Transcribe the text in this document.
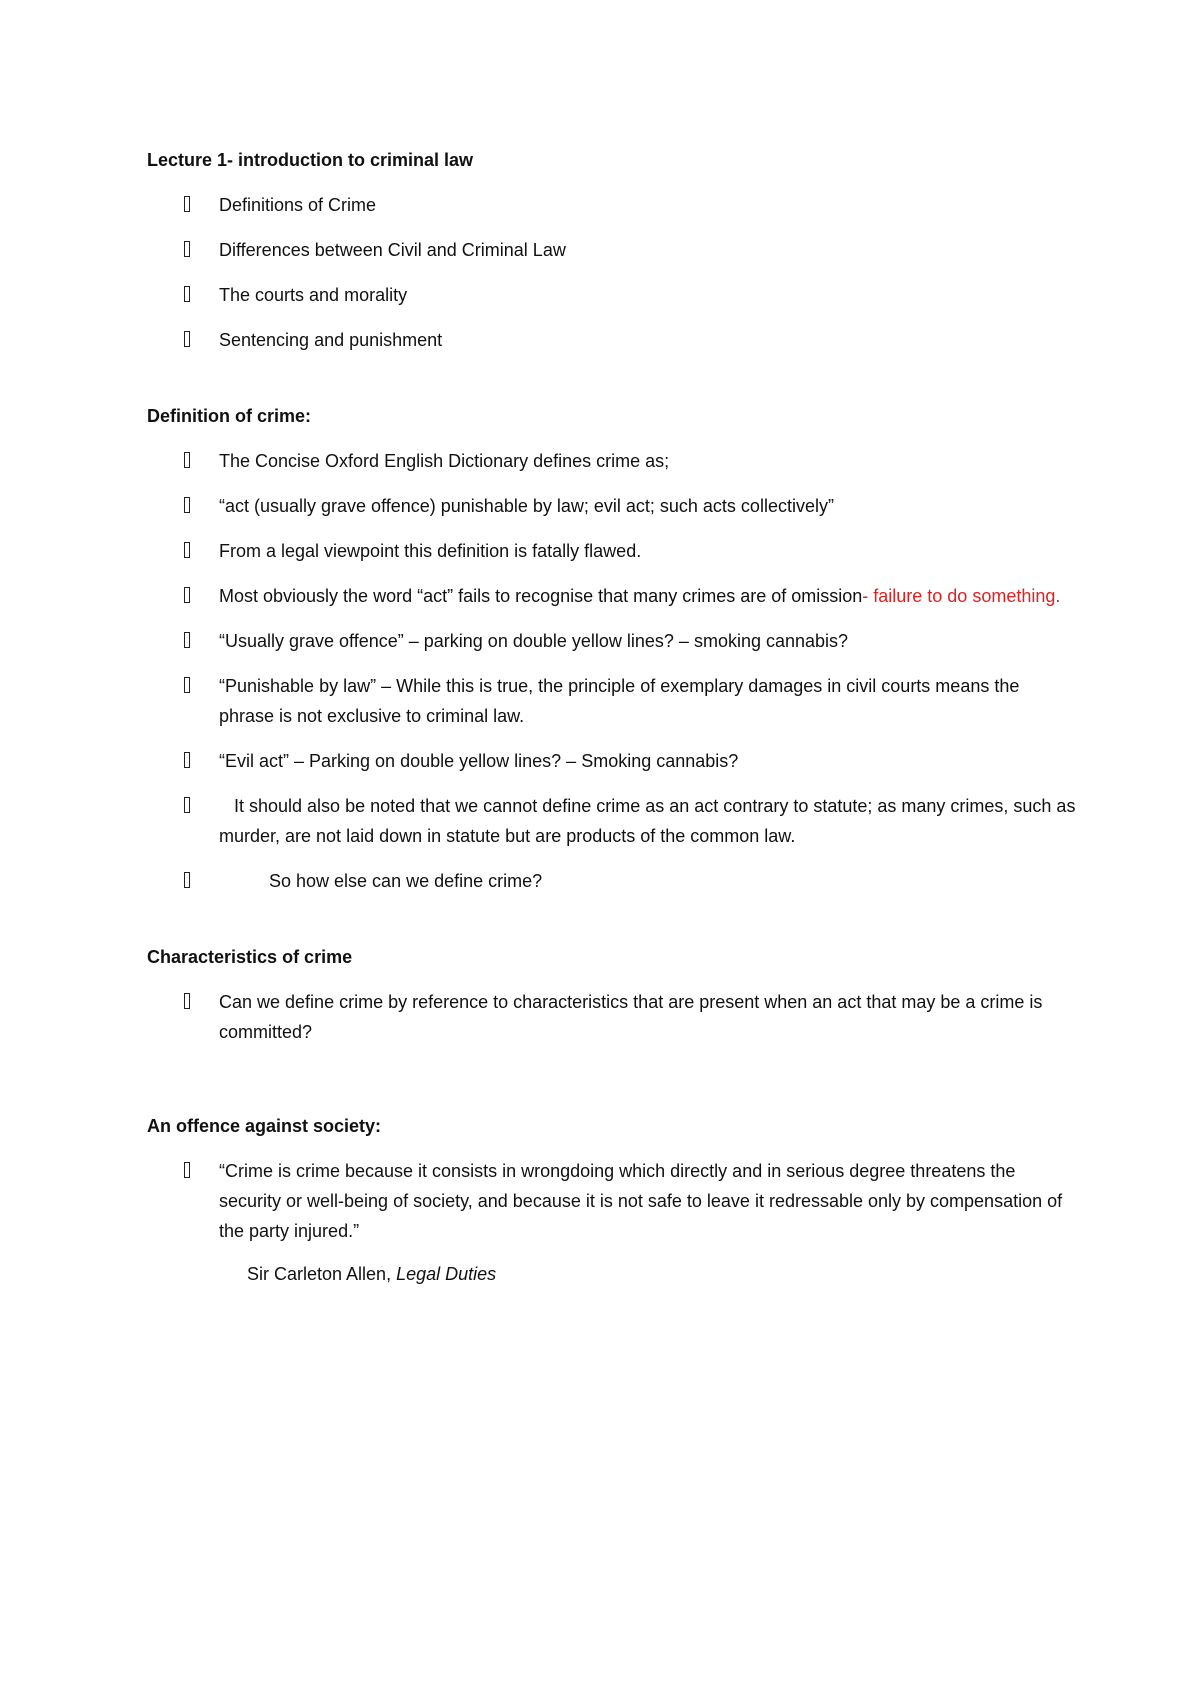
Lecture 1- introduction to criminal law

Definitions of Crime
Differences between Civil and Criminal Law
The courts and morality
Sentencing and punishment

Definition of crime:

The Concise Oxford English Dictionary defines crime as;
“act (usually grave offence) punishable by law; evil act; such acts collectively”
From a legal viewpoint this definition is fatally flawed.
Most obviously the word “act” fails to recognise that many crimes are of omission- failure to do something.
“Usually grave offence” – parking on double yellow lines? – smoking cannabis?
“Punishable by law” – While this is true, the principle of exemplary damages in civil courts means the phrase is not exclusive to criminal law.
“Evil act” – Parking on double yellow lines? – Smoking cannabis?
It should also be noted that we cannot define crime as an act contrary to statute; as many crimes, such as murder, are not laid down in statute but are products of the common law.
So how else can we define crime?

Characteristics of crime

Can we define crime by reference to characteristics that are present when an act that may be a crime is committed?

An offence against society:

“Crime is crime because it consists in wrongdoing which directly and in serious degree threatens the security or well-being of society, and because it is not safe to leave it redressable only by compensation of the party injured.”
Sir Carleton Allen, Legal Duties
